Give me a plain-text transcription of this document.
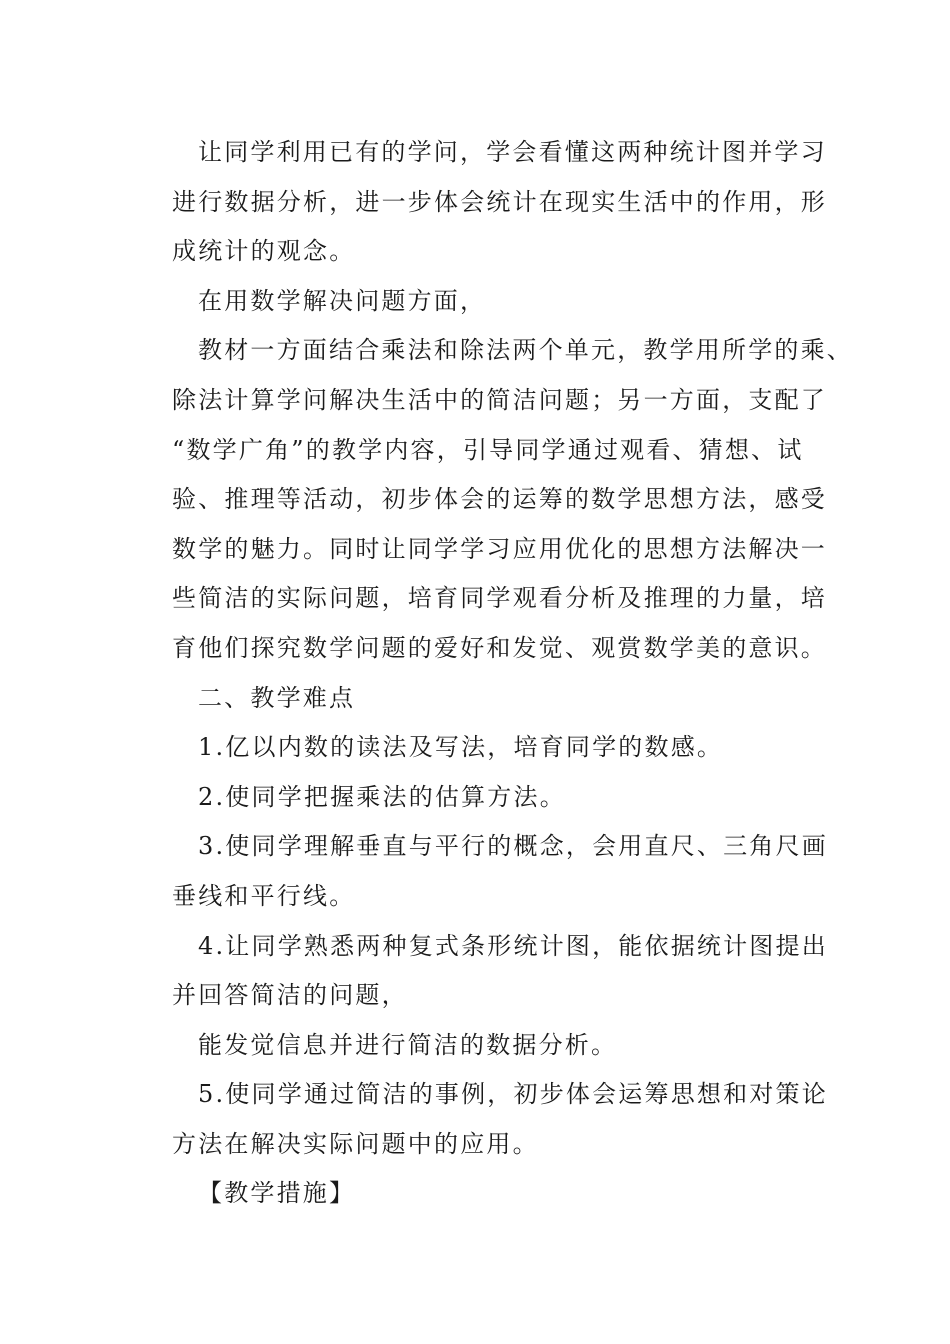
让同学利用已有的学问，学会看懂这两种统计图并学习
进行数据分析，进一步体会统计在现实生活中的作用，形
成统计的观念。

在用数学解决问题方面，

教材一方面结合乘法和除法两个单元，教学用所学的乘、
除法计算学问解决生活中的简洁问题；另一方面，支配了
“数学广角”的教学内容，引导同学通过观看、猜想、试
验、推理等活动，初步体会的运筹的数学思想方法，感受
数学的魅力。同时让同学学习应用优化的思想方法解决一
些简洁的实际问题，培育同学观看分析及推理的力量，培
育他们探究数学问题的爱好和发觉、观赏数学美的意识。

二、教学难点

1.亿以内数的读法及写法，培育同学的数感。

2.使同学把握乘法的估算方法。

3.使同学理解垂直与平行的概念，会用直尺、三角尺画
垂线和平行线。

4.让同学熟悉两种复式条形统计图，能依据统计图提出
并回答简洁的问题，

能发觉信息并进行简洁的数据分析。

5.使同学通过简洁的事例，初步体会运筹思想和对策论
方法在解决实际问题中的应用。

【教学措施】
